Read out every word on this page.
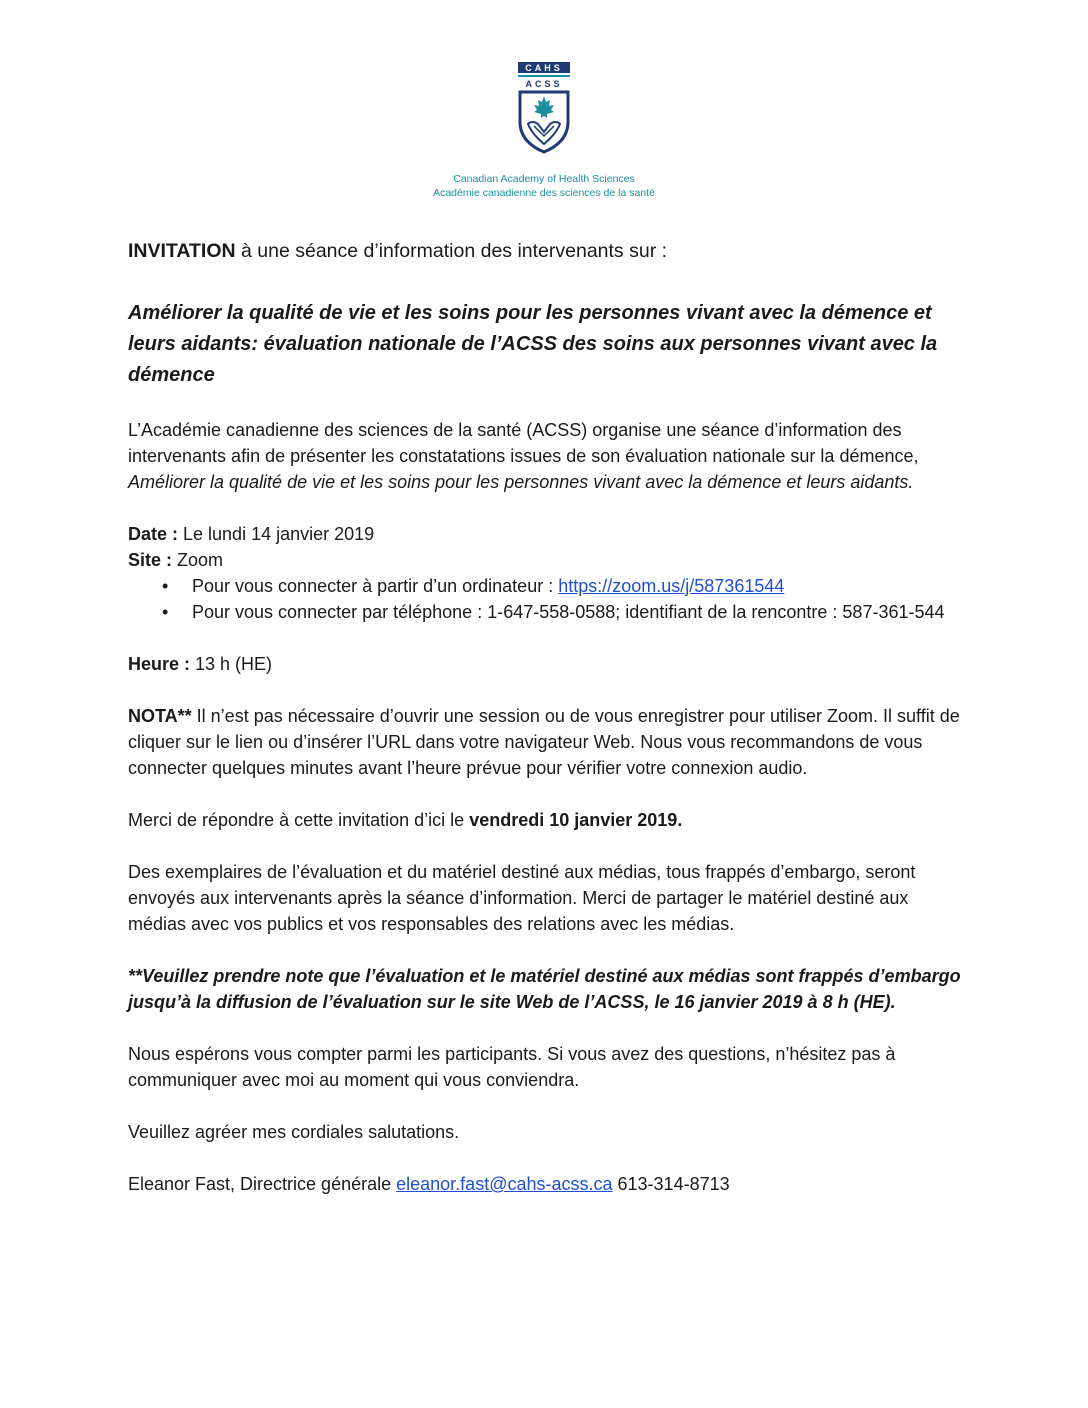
CAHS
ACSS
Canadian Academy of Health Sciences
Académie canadienne des sciences de la santé

INVITATION à une séance d’information des intervenants sur :

Améliorer la qualité de vie et les soins pour les personnes vivant avec la démence et leurs aidants: évaluation nationale de l’ACSS des soins aux personnes vivant avec la démence

L’Académie canadienne des sciences de la santé (ACSS) organise une séance d’information des intervenants afin de présenter les constatations issues de son évaluation nationale sur la démence, Améliorer la qualité de vie et les soins pour les personnes vivant avec la démence et leurs aidants.

Date : Le lundi 14 janvier 2019

Site : Zoom

• Pour vous connecter à partir d’un ordinateur : https://zoom.us/j/587361544
• Pour vous connecter par téléphone : 1-647-558-0588; identifiant de la rencontre : 587-361-544

Heure : 13 h (HE)

NOTA** Il n’est pas nécessaire d’ouvrir une session ou de vous enregistrer pour utiliser Zoom. Il suffit de cliquer sur le lien ou d’insérer l’URL dans votre navigateur Web. Nous vous recommandons de vous connecter quelques minutes avant l’heure prévue pour vérifier votre connexion audio.

Merci de répondre à cette invitation d’ici le vendredi 10 janvier 2019.

Des exemplaires de l’évaluation et du matériel destiné aux médias, tous frappés d’embargo, seront envoyés aux intervenants après la séance d’information. Merci de partager le matériel destiné aux médias avec vos publics et vos responsables des relations avec les médias.

**Veuillez prendre note que l’évaluation et le matériel destiné aux médias sont frappés d’embargo jusqu’à la diffusion de l’évaluation sur le site Web de l’ACSS, le 16 janvier 2019 à 8 h (HE).

Nous espérons vous compter parmi les participants. Si vous avez des questions, n’hésitez pas à communiquer avec moi au moment qui vous conviendra.

Veuillez agréer mes cordiales salutations.

Eleanor Fast, Directrice générale eleanor.fast@cahs-acss.ca 613-314-8713
